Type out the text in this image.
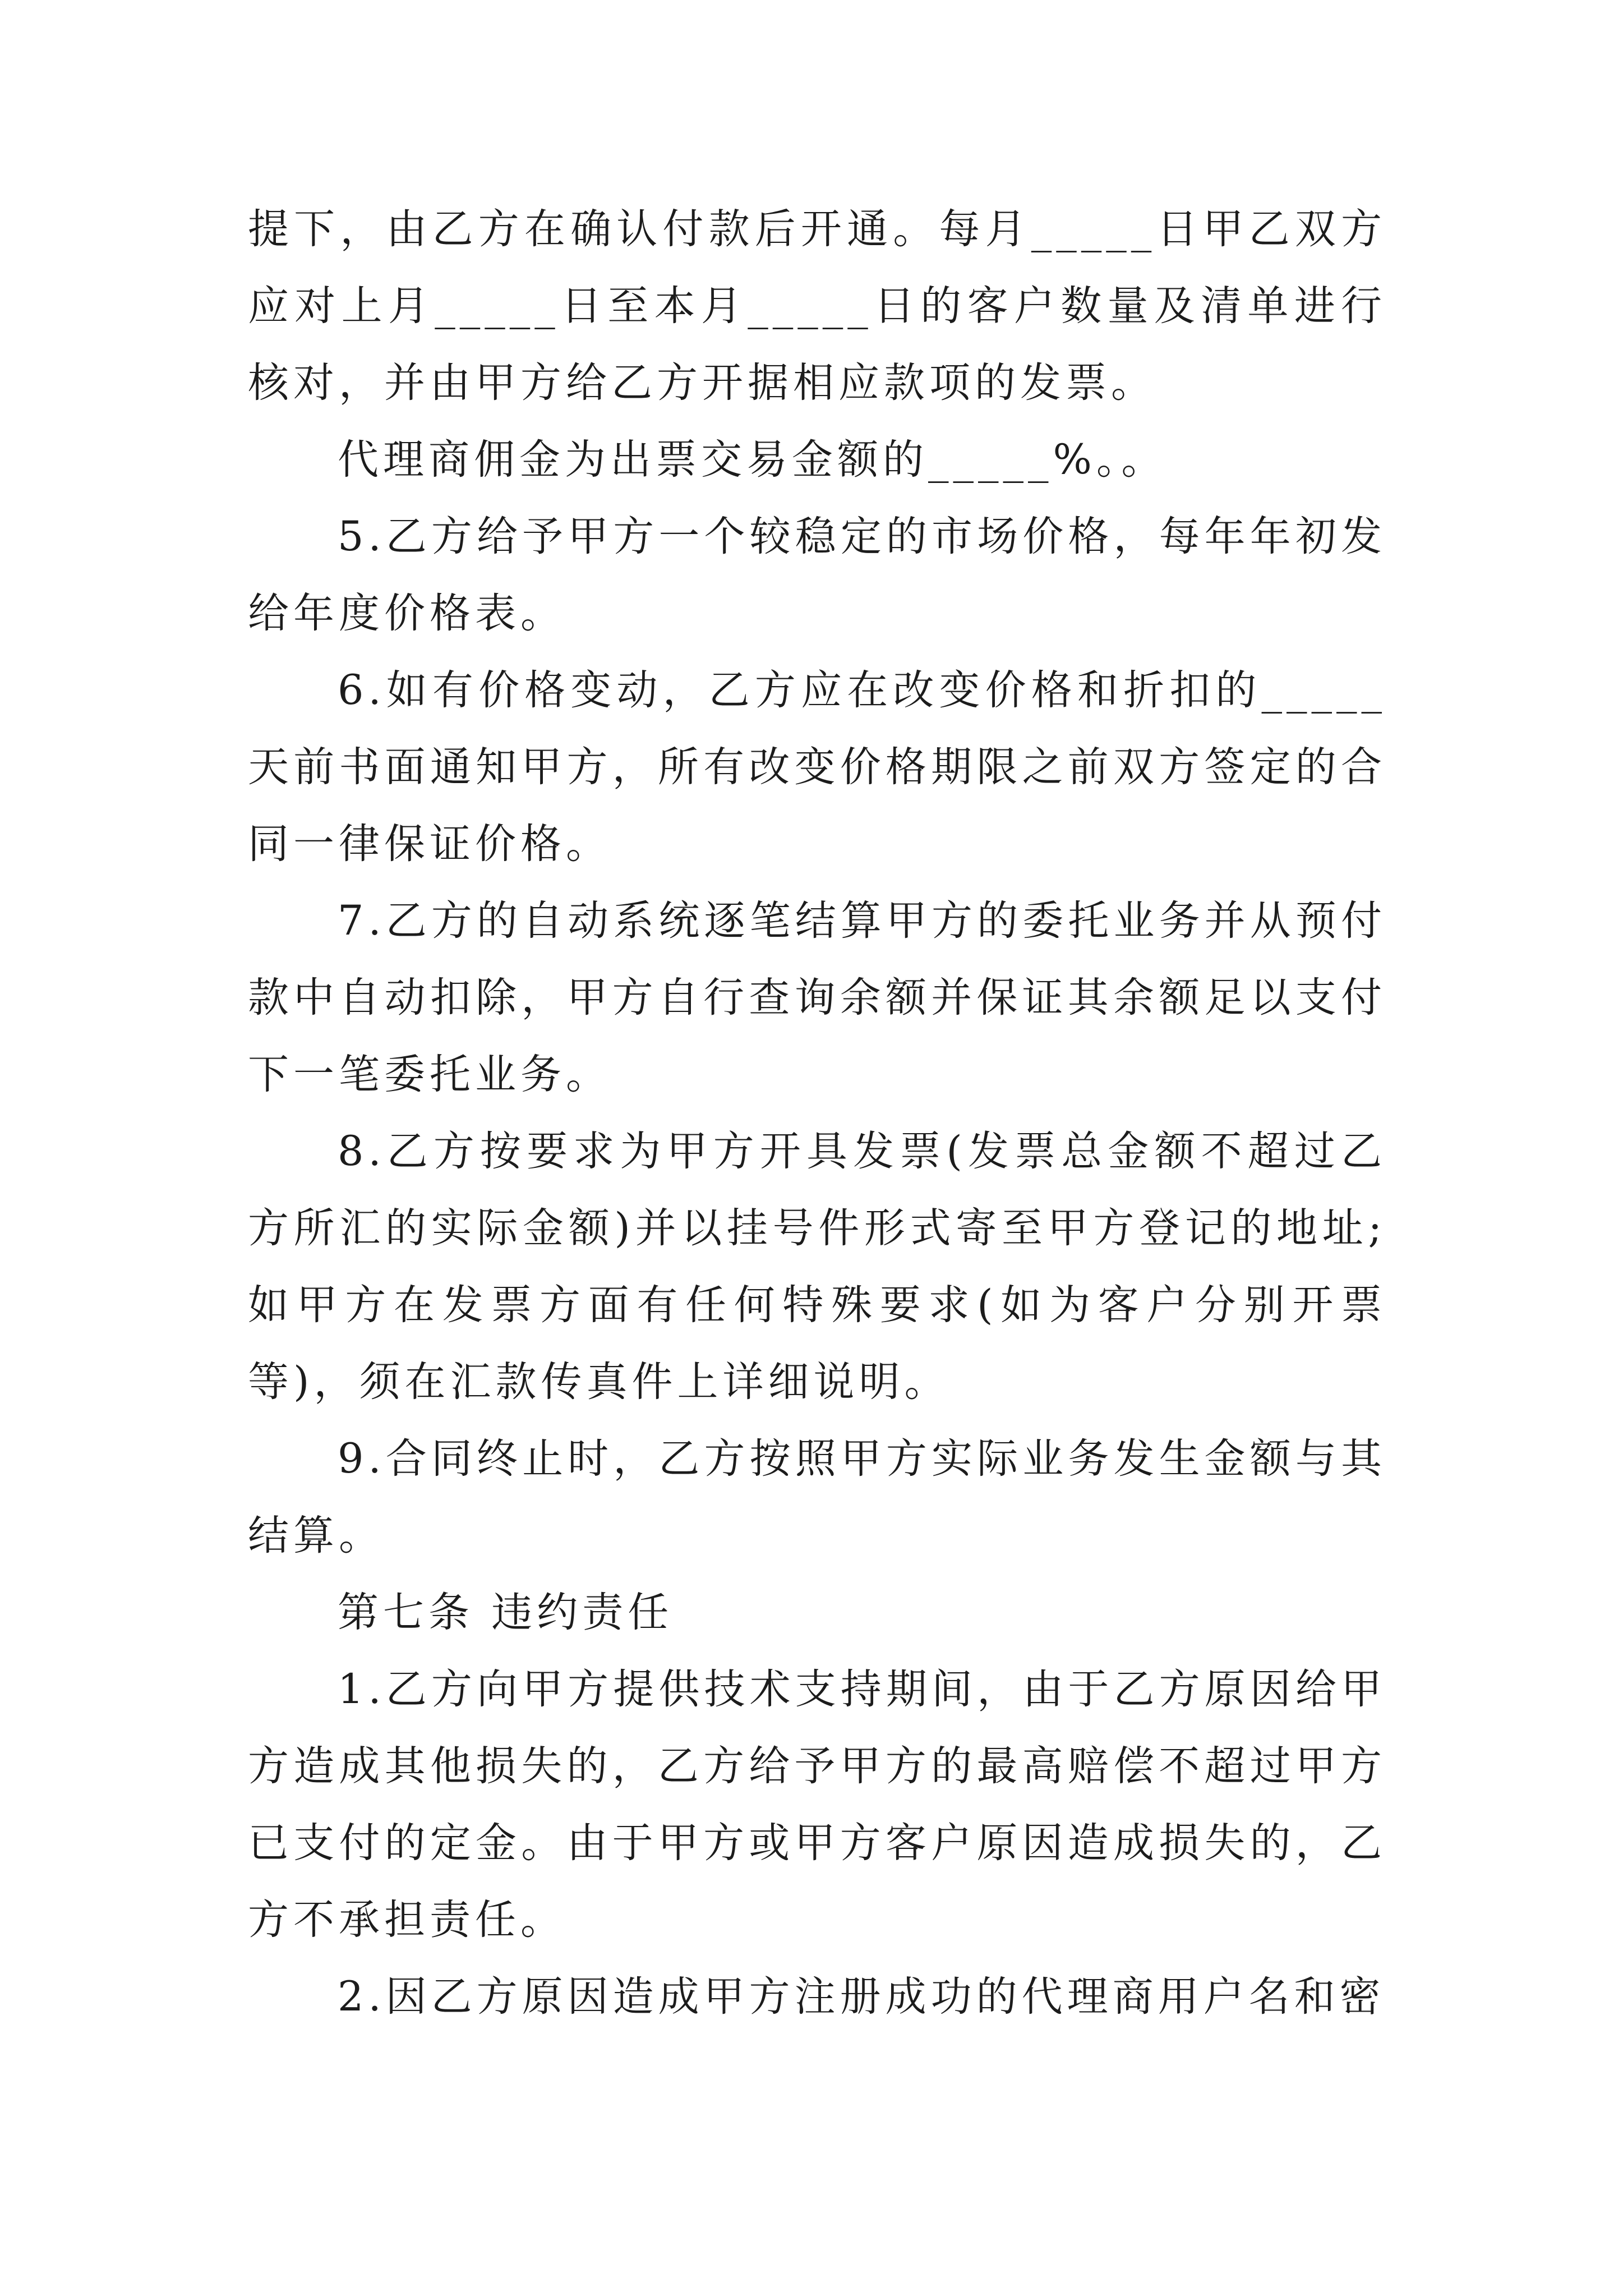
提下，由乙方在确认付款后开通。每月_____日甲乙双方应对上月_____日至本月_____日的客户数量及清单进行核对，并由甲方给乙方开据相应款项的发票。

代理商佣金为出票交易金额的_____%。。

5.乙方给予甲方一个较稳定的市场价格，每年年初发给年度价格表。

6.如有价格变动，乙方应在改变价格和折扣的_____天前书面通知甲方，所有改变价格期限之前双方签定的合同一律保证价格。

7.乙方的自动系统逐笔结算甲方的委托业务并从预付款中自动扣除，甲方自行查询余额并保证其余额足以支付下一笔委托业务。

8.乙方按要求为甲方开具发票(发票总金额不超过乙方所汇的实际金额)并以挂号件形式寄至甲方登记的地址;如甲方在发票方面有任何特殊要求(如为客户分别开票等)，须在汇款传真件上详细说明。

9.合同终止时，乙方按照甲方实际业务发生金额与其结算。

第七条 违约责任

1.乙方向甲方提供技术支持期间，由于乙方原因给甲方造成其他损失的，乙方给予甲方的最高赔偿不超过甲方已支付的定金。由于甲方或甲方客户原因造成损失的，乙方不承担责任。

2.因乙方原因造成甲方注册成功的代理商用户名和密
